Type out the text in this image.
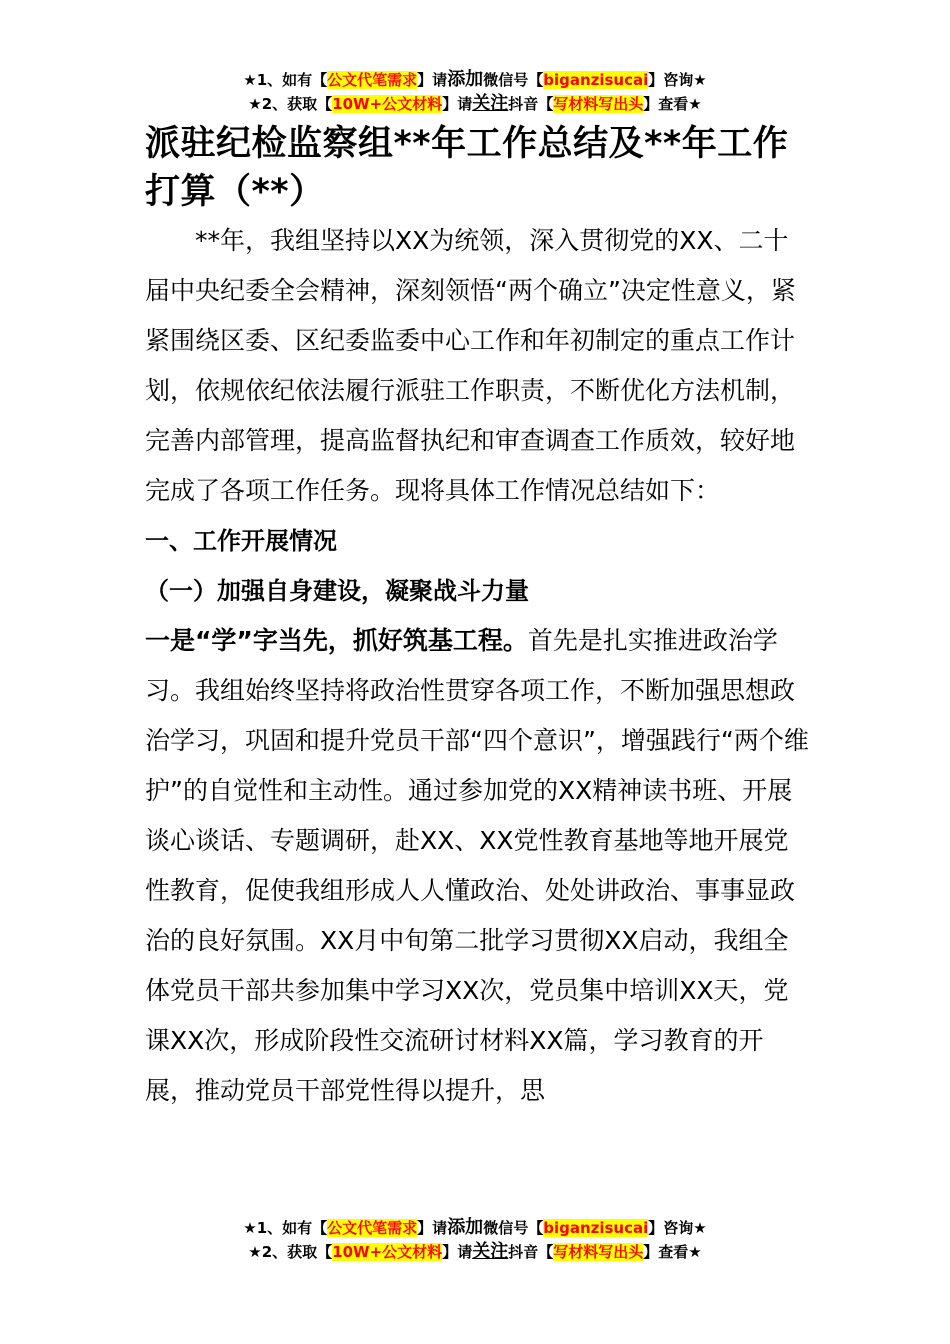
★1、如有【公文代笔需求】请添加微信号【biganzisucai】咨询★
★2、获取【10W+公文材料】请关注抖音【写材料写出头】查看★
派驻纪检监察组**年工作总结及**年工作打算（**）

**年，我组坚持以XX为统领，深入贯彻党的XX、二十届中央纪委全会精神，深刻领悟“两个确立”决定性意义，紧紧围绕区委、区纪委监委中心工作和年初制定的重点工作计划，依规依纪依法履行派驻工作职责，不断优化方法机制，完善内部管理，提高监督执纪和审查调查工作质效，较好地完成了各项工作任务。现将具体工作情况总结如下：

一、工作开展情况

（一）加强自身建设，凝聚战斗力量

一是“学”字当先，抓好筑基工程。首先是扎实推进政治学习。我组始终坚持将政治性贯穿各项工作，不断加强思想政治学习，巩固和提升党员干部“四个意识”，增强践行“两个维护”的自觉性和主动性。通过参加党的XX精神读书班、开展谈心谈话、专题调研，赴XX、XX党性教育基地等地开展党性教育，促使我组形成人人懂政治、处处讲政治、事事显政治的良好氛围。XX月中旬第二批学习贯彻XX启动，我组全体党员干部共参加集中学习XX次，党员集中培训XX天，党课XX次，形成阶段性交流研讨材料XX篇，学习教育的开展，推动党员干部党性得以提升，思

★1、如有【公文代笔需求】请添加微信号【biganzisucai】咨询★
★2、获取【10W+公文材料】请关注抖音【写材料写出头】查看★
